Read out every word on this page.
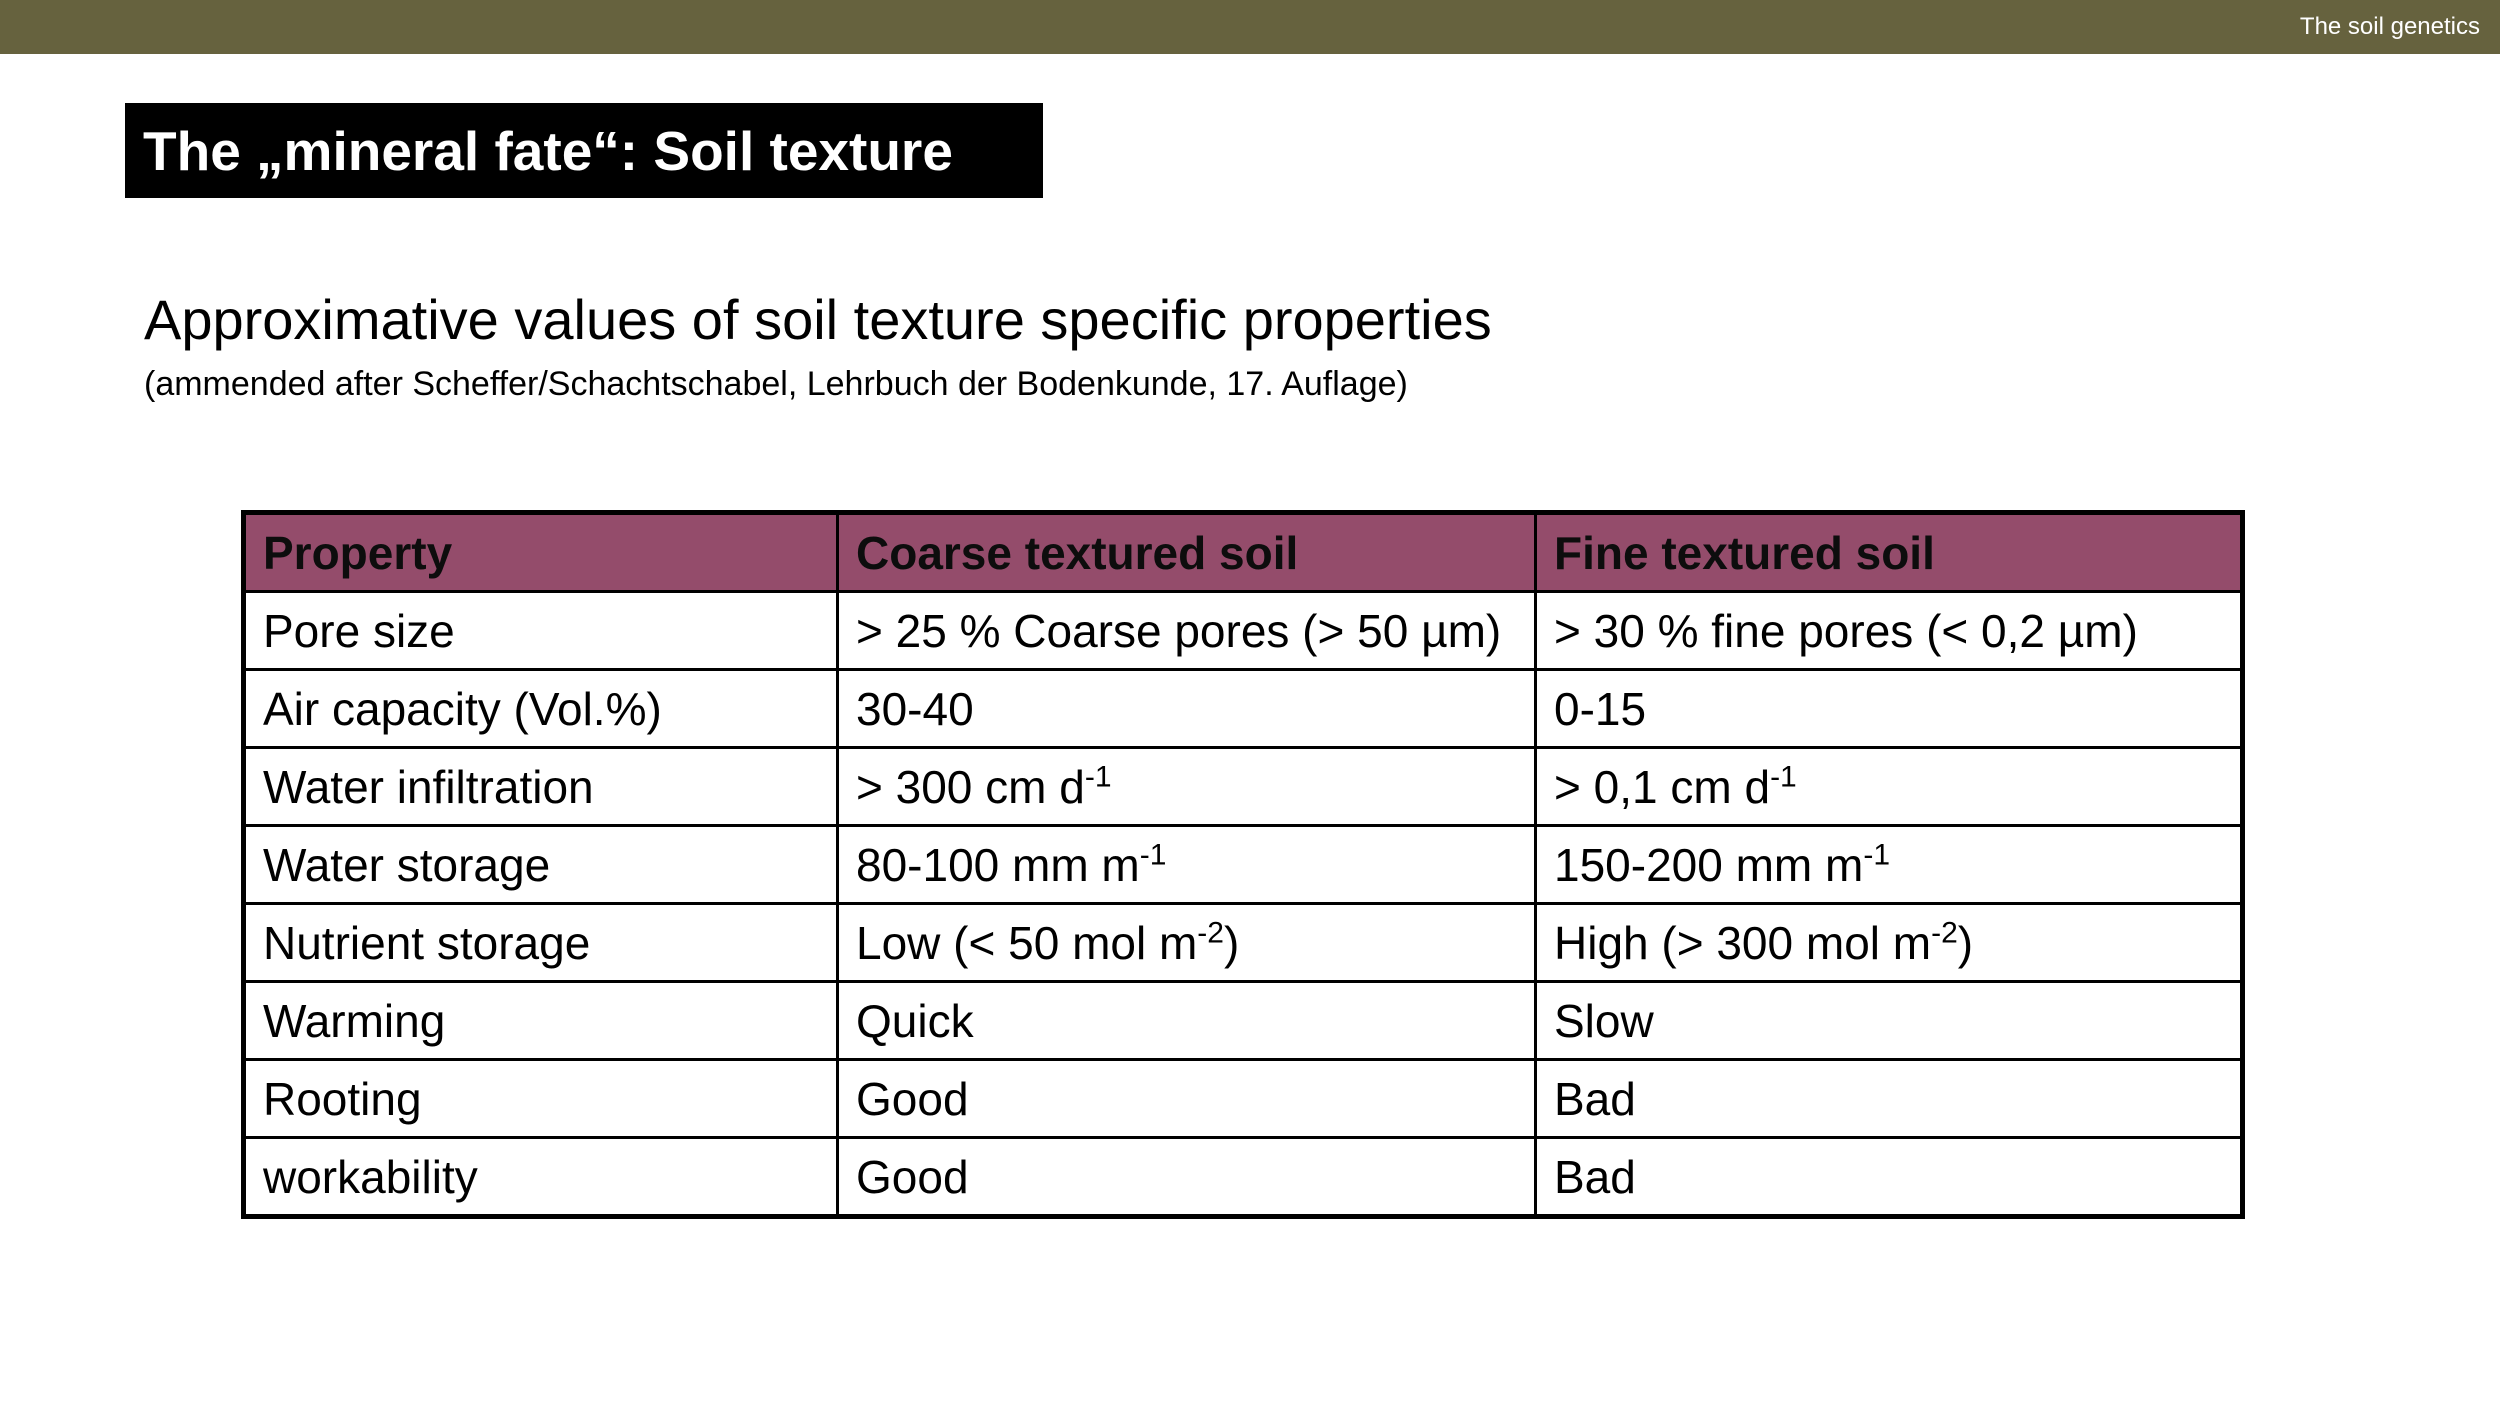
The soil genetics
The „mineral fate“: Soil texture
Approximative values of soil texture specific properties
(ammended after Scheffer/Schachtschabel, Lehrbuch der Bodenkunde, 17. Auflage)
Property	Coarse textured soil	Fine textured soil
Pore size	> 25 % Coarse pores (> 50 µm)	> 30 % fine pores (< 0,2 µm)
Air capacity (Vol.%)	30-40	0-15
Water infiltration	> 300 cm $d^{-1}$	> 0,1 cm $d^{-1}$
Water storage	80-100 mm $m^{-1}$	150-200 mm $m^{-1}$
Nutrient storage	Low (< 50 mol $m^{-2}$)	High (> 300 mol $m^{-2}$)
Warming	Quick	Slow
Rooting	Good	Bad
workability	Good	Bad
